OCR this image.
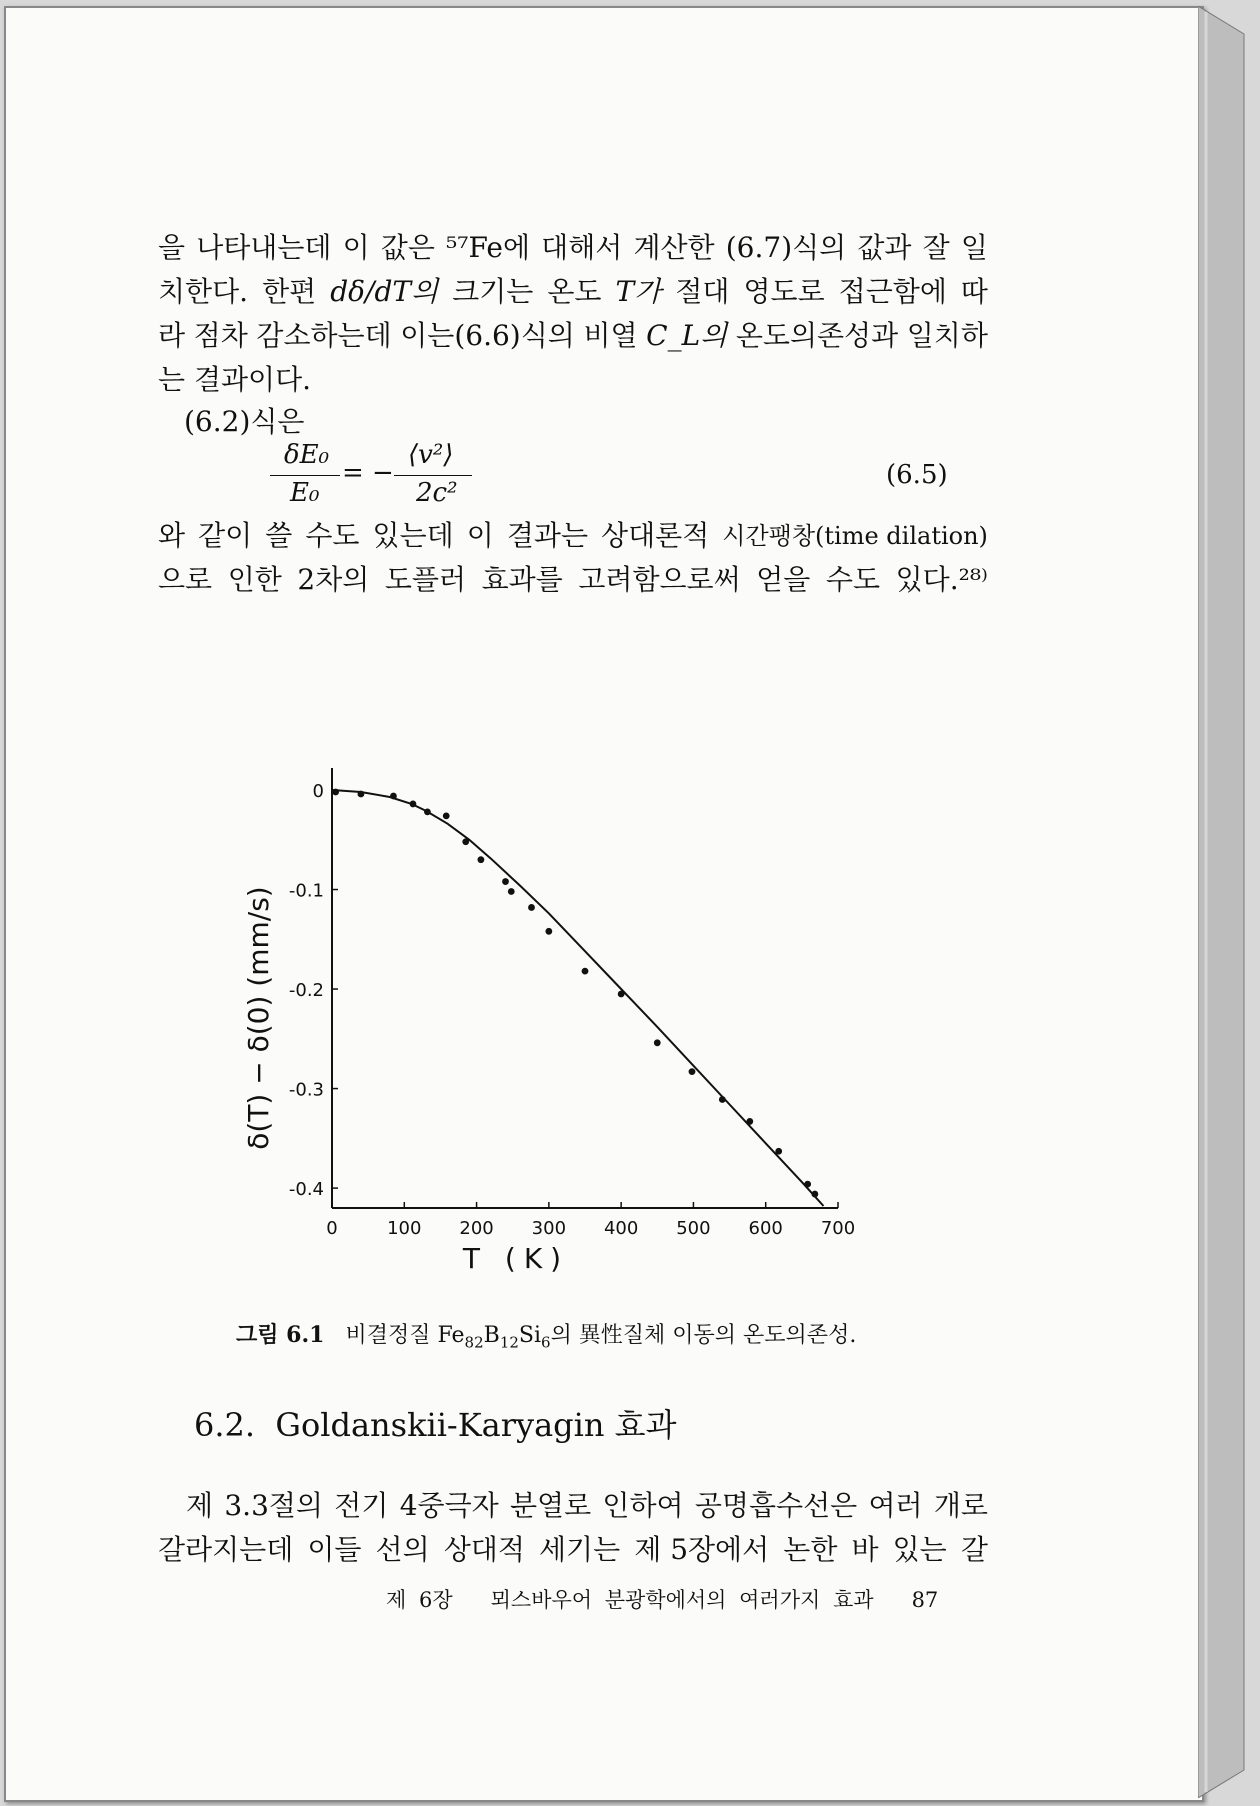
을 나타내는데 이 값은 ⁵⁷Fe에 대해서 계산한 (6.7)식의 값과 잘 일
치한다. 한편 dδ/dT의 크기는 온도 T가 절대 영도로 접근함에 따
라 점차 감소하는데 이는(6.6)식의 비열 C_L의 온도의존성과 일치하
는 결과이다.
(6.2)식은
δE₀
E₀
= −
⟨v²⟩
2c²
(6.5)
와 같이 쓸 수도 있는데 이 결과는 상대론적 시간팽창(time dilation)
으로 인한 2차의 도플러 효과를 고려함으로써 얻을 수도 있다.²⁸⁾
0	100 200 300 400 500 600 700
0
-0.1
-0.2
-0.3
-0.4
T (K)
δ(T) − δ(0) (mm/s)
그림 6.1 비결정질 $Fe_{82}B_{12}Si_6$의 異性질체 이동의 온도의존성.
6.2. Goldanskii-Karyagin 효과
제 3.3절의 전기 4중극자 분열로 인하여 공명흡수선은 여러 개로
갈라지는데 이들 선의 상대적 세기는 제 5장에서 논한 바 있는 갈
제 6장 뫼스바우어 분광학에서의 여러가지 효과 87
